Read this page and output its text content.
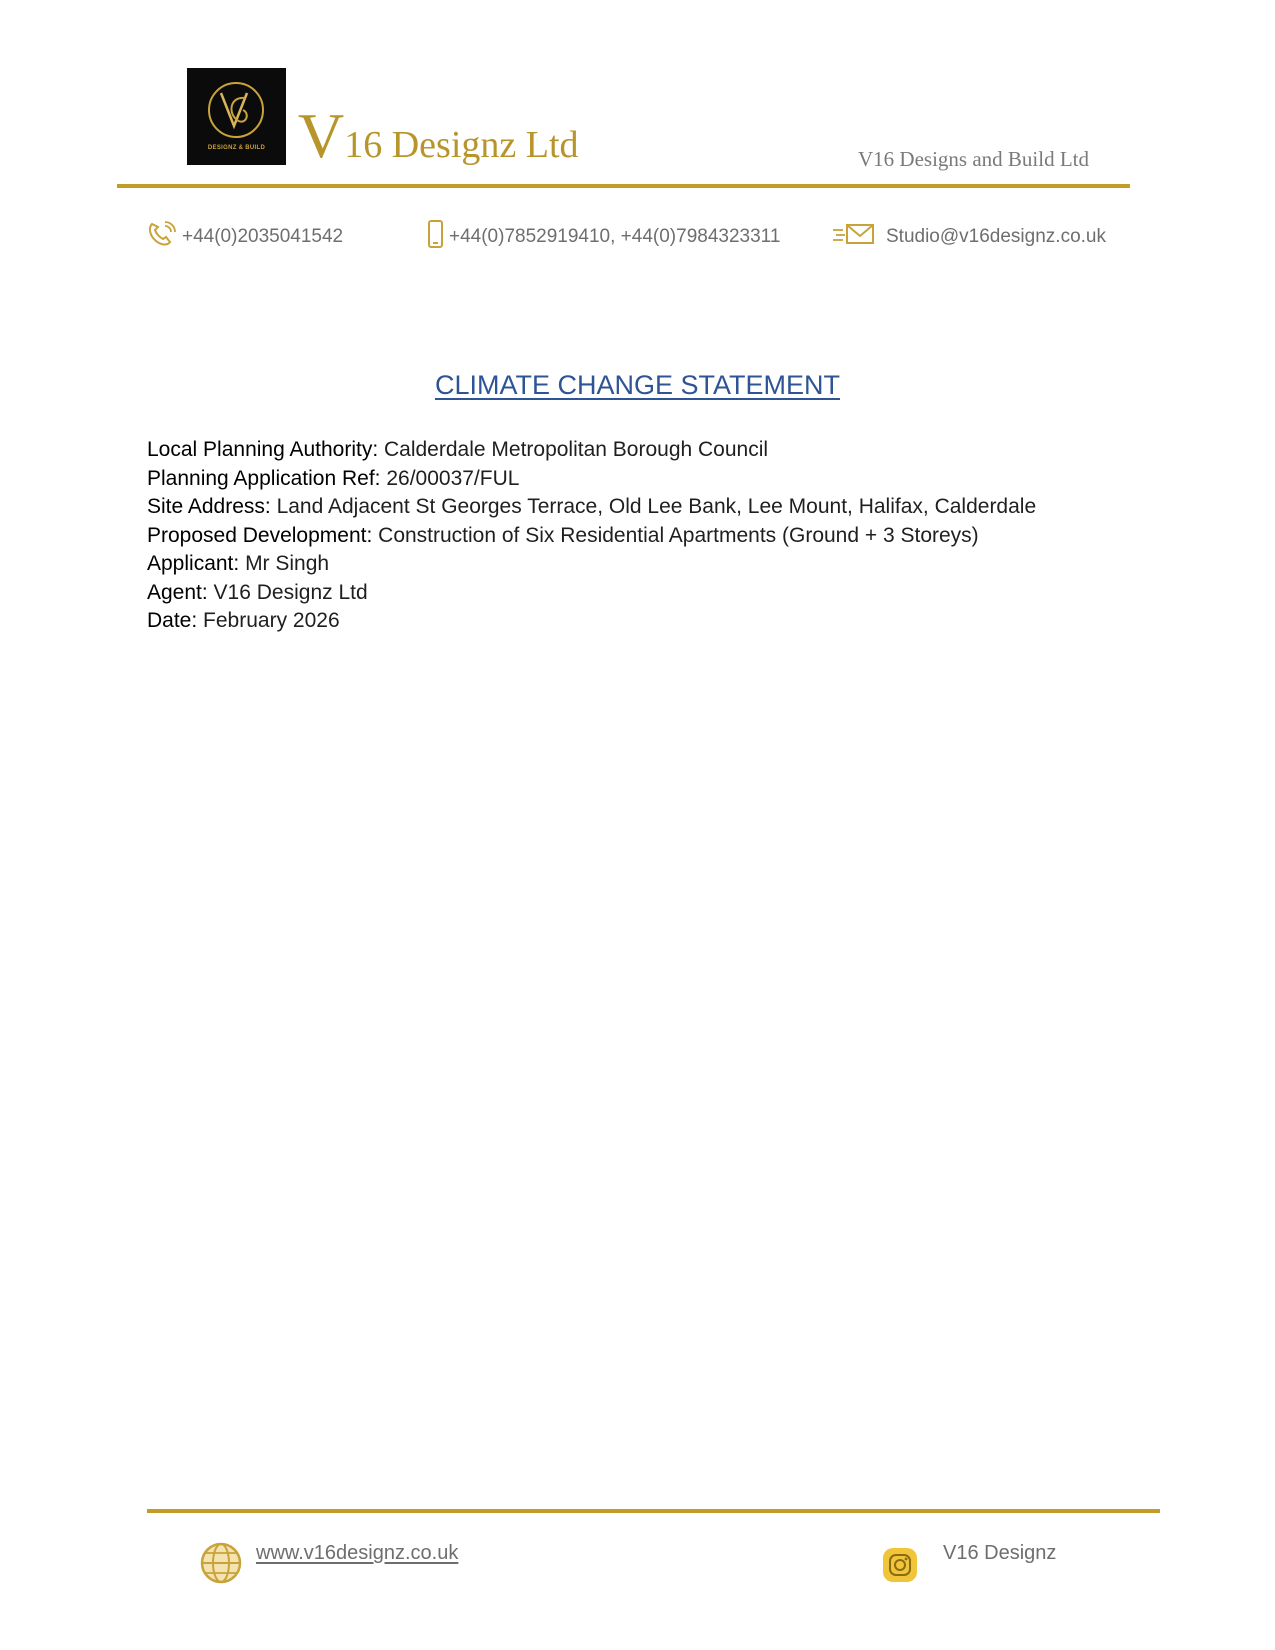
DESIGNZ & BUILD V16 Designz Ltd	V16 Designs and Build Ltd
+44(0)2035041542	+44(0)7852919410, +44(0)7984323311	Studio@v16designz.co.uk
CLIMATE CHANGE STATEMENT
Local Planning Authority: Calderdale Metropolitan Borough Council
Planning Application Ref: 26/00037/FUL
Site Address: Land Adjacent St Georges Terrace, Old Lee Bank, Lee Mount, Halifax, Calderdale
Proposed Development: Construction of Six Residential Apartments (Ground + 3 Storeys)
Applicant: Mr Singh
Agent: V16 Designz Ltd
Date: February 2026
www.v16designz.co.uk	V16 Designz
